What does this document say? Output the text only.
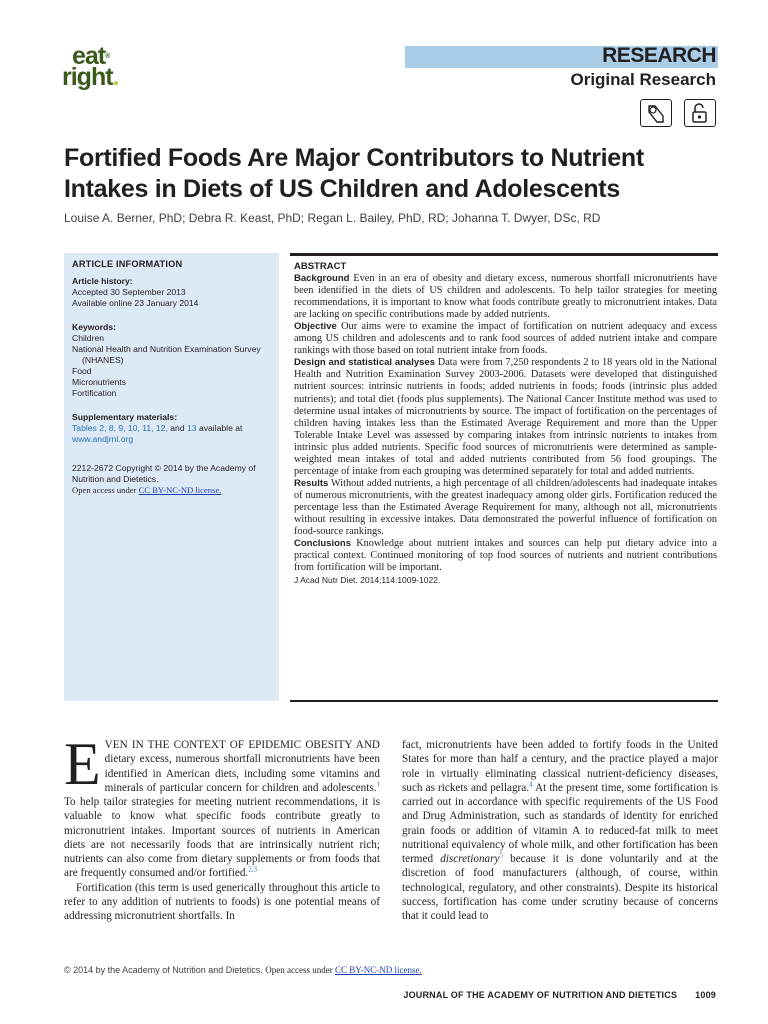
eat®
right.
RESEARCH
Original Research
Fortified Foods Are Major Contributors to Nutrient Intakes in Diets of US Children and Adolescents
Louise A. Berner, PhD; Debra R. Keast, PhD; Regan L. Bailey, PhD, RD; Johanna T. Dwyer, DSc, RD
ARTICLE INFORMATION
Article history:
Accepted 30 September 2013
Available online 23 January 2014
Keywords:
Children
National Health and Nutrition Examination Survey
(NHANES)
Food
Micronutrients
Fortification
Supplementary materials:
Tables 2, 8, 9, 10, 11, 12, and 13 available at
www.andjrnl.org
2212-2672 Copyright © 2014 by the Academy of Nutrition and Dietetics.
Open access under CC BY-NC-ND license.
ABSTRACT

Background Even in an era of obesity and dietary excess, numerous shortfall micronutrients have been identified in the diets of US children and adolescents. To help tailor strategies for meeting recommendations, it is important to know what foods contribute greatly to micronutrient intakes. Data are lacking on specific contributions made by added nutrients.

Objective Our aims were to examine the impact of fortification on nutrient adequacy and excess among US children and adolescents and to rank food sources of added nutrient intake and compare rankings with those based on total nutrient intake from foods.

Design and statistical analyses Data were from 7,250 respondents 2 to 18 years old in the National Health and Nutrition Examination Survey 2003-2006. Datasets were developed that distinguished nutrient sources: intrinsic nutrients in foods; added nutrients in foods; foods (intrinsic plus added nutrients); and total diet (foods plus supplements). The National Cancer Institute method was used to determine usual intakes of micronutrients by source. The impact of fortification on the percentages of children having intakes less than the Estimated Average Requirement and more than the Upper Tolerable Intake Level was assessed by comparing intakes from intrinsic nutrients to intakes from intrinsic plus added nutrients. Specific food sources of micronutrients were determined as sample-weighted mean intakes of total and added nutrients contributed from 56 food groupings. The percentage of intake from each grouping was determined separately for total and added nutrients.

Results Without added nutrients, a high percentage of all children/adolescents had inadequate intakes of numerous micronutrients, with the greatest inadequacy among older girls. Fortification reduced the percentage less than the Estimated Average Requirement for many, although not all, micronutrients without resulting in excessive intakes. Data demonstrated the powerful influence of fortification on food-source rankings.

Conclusions Knowledge about nutrient intakes and sources can help put dietary advice into a practical context. Continued monitoring of top food sources of nutrients and nutrient contributions from fortification will be important.

J Acad Nutr Diet. 2014;114:1009-1022.

EVEN IN THE CONTEXT OF EPIDEMIC OBESITY AND dietary excess, numerous shortfall micronutrients have been identified in American diets, including some vitamins and minerals of particular concern for children and adolescents.$^1$ To help tailor strategies for meeting nutrient recommendations, it is valuable to know what specific foods contribute greatly to micronutrient intakes. Important sources of nutrients in American diets are not necessarily foods that are intrinsically nutrient rich; nutrients can also come from dietary supplements or from foods that are frequently consumed and/or fortified.$^{2,3}$

Fortification (this term is used generically throughout this article to refer to any addition of nutrients to foods) is one potential means of addressing micronutrient shortfalls. In

fact, micronutrients have been added to fortify foods in the United States for more than half a century, and the practice played a major role in virtually eliminating classical nutrient-deficiency diseases, such as rickets and pellagra.$^4$ At the present time, some fortification is carried out in accordance with specific requirements of the US Food and Drug Administration, such as standards of identity for enriched grain foods or addition of vitamin A to reduced-fat milk to meet nutritional equivalency of whole milk, and other fortification has been termed discretionary$^5$ because it is done voluntarily and at the discretion of food manufacturers (although, of course, within technological, regulatory, and other constraints). Despite its historical success, fortification has come under scrutiny because of concerns that it could lead to

© 2014 by the Academy of Nutrition and Dietetics. Open access under CC BY-NC-ND license.
JOURNAL OF THE ACADEMY OF NUTRITION AND DIETETICS 1009
